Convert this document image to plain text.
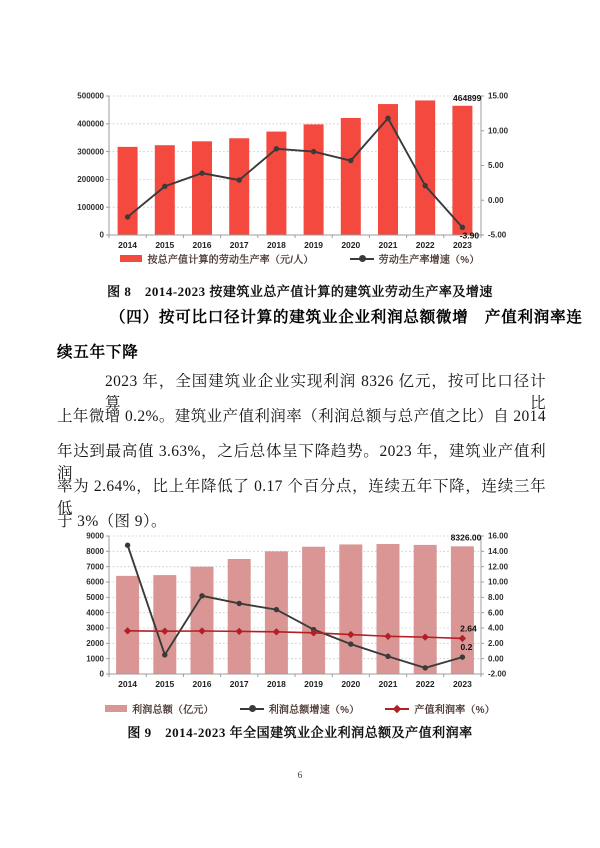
0
100000
200000
300000
400000
500000
-5.00
0.00
5.00
10.00
15.00
2014 2015 2016 2017 2018 2019 2020 2021 2022 2023
464899
-3.90
按总产值计算的劳动生产率（元/人）	劳动生产率增速（%）
图 8　2014-2023 按建筑业总产值计算的建筑业劳动生产率及增速
（四）按可比口径计算的建筑业企业利润总额微增　产值利润率连
续五年下降
2023 年，全国建筑业企业实现利润 8326 亿元，按可比口径计算比
上年微增 0.2%。建筑业产值利润率（利润总额与总产值之比）自 2014
年达到最高值 3.63%，之后总体呈下降趋势。2023 年，建筑业产值利润
率为 2.64%，比上年降低了 0.17 个百分点，连续五年下降，连续三年低
于 3%（图 9）。
0
1000
2000
3000
4000
5000
6000
7000
8000
9000
-2.00
0.00
2.00
4.00
6.00
8.00
10.00
12.00
14.00
16.00
2014 2015 2016 2017 2018 2019 2020 2021 2022 2023
8326.00
2.64
0.2
利润总额（亿元）	利润总额增速（%）	产值利润率（%）
图 9　2014-2023 年全国建筑业企业利润总额及产值利润率
6
